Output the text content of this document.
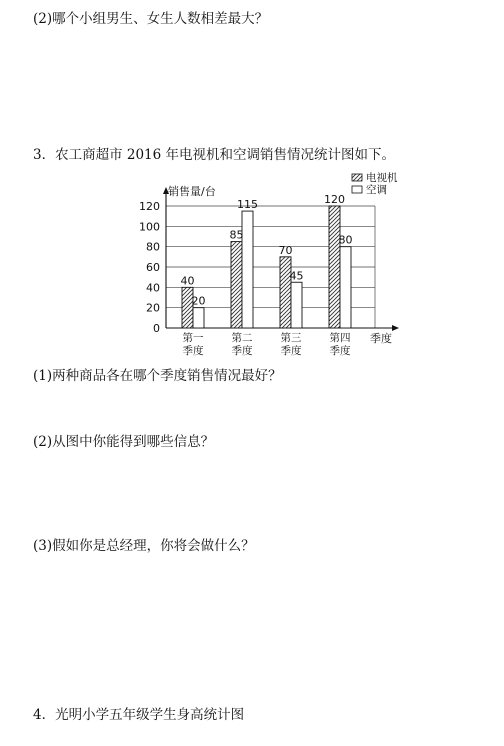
(2)哪个小组男生、女生人数相差最大？
3．农工商超市 2016 年电视机和空调销售情况统计图如下。
0
20
40
60
80
100
120
销售量/台
季度
40
20
第一
季度
85
115
第二
季度
70
45
第三
季度
120
80
第四
季度
电视机
空调
(1)两种商品各在哪个季度销售情况最好？
(2)从图中你能得到哪些信息？
(3)假如你是总经理，你将会做什么？
4．光明小学五年级学生身高统计图
